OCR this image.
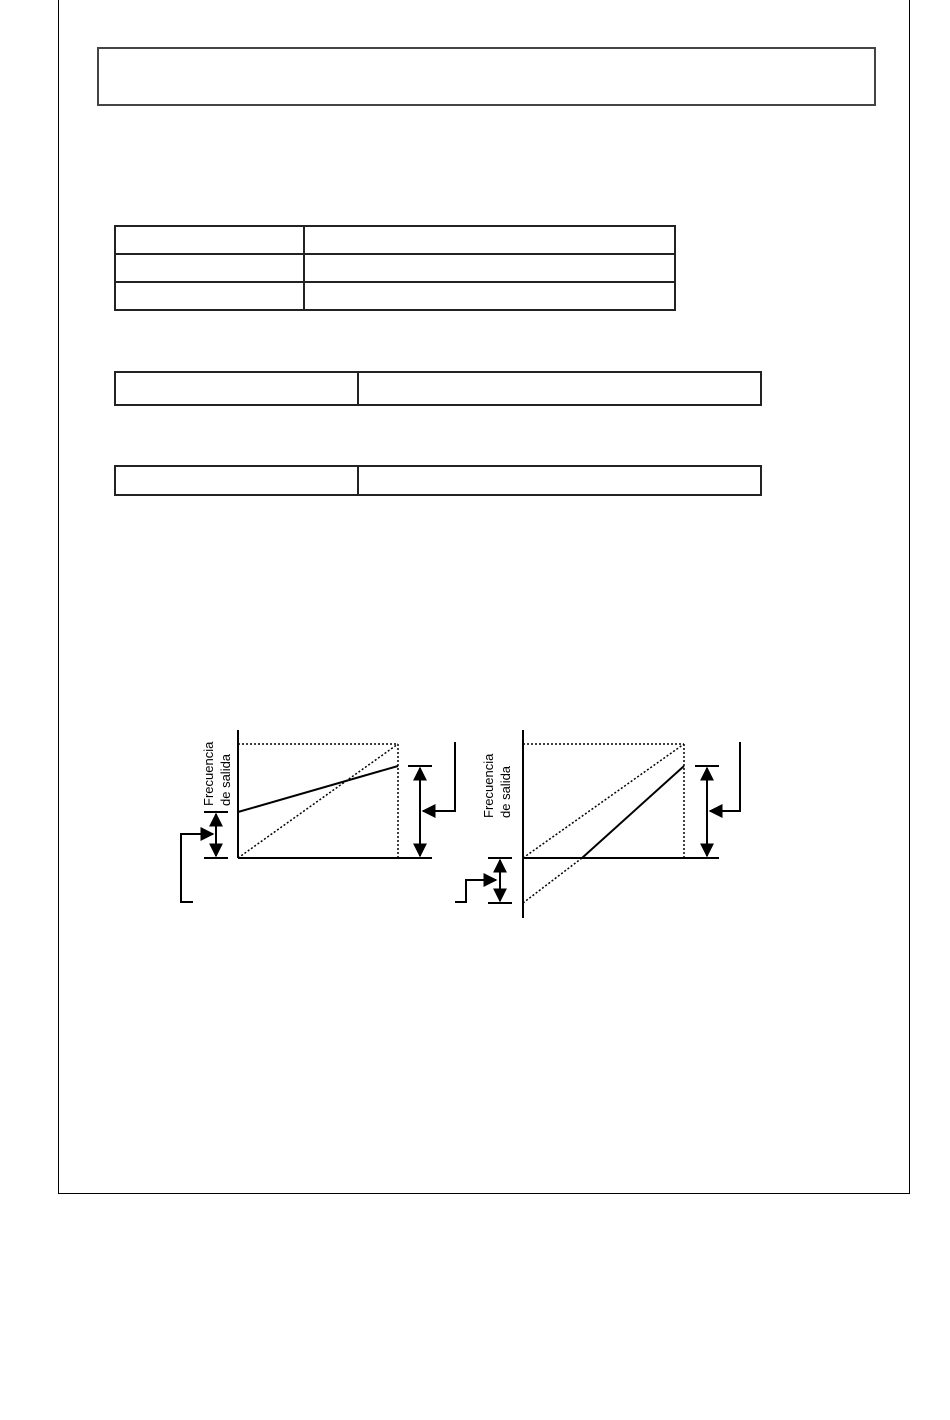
Frecuencia de salida	Frecuencia de salida
